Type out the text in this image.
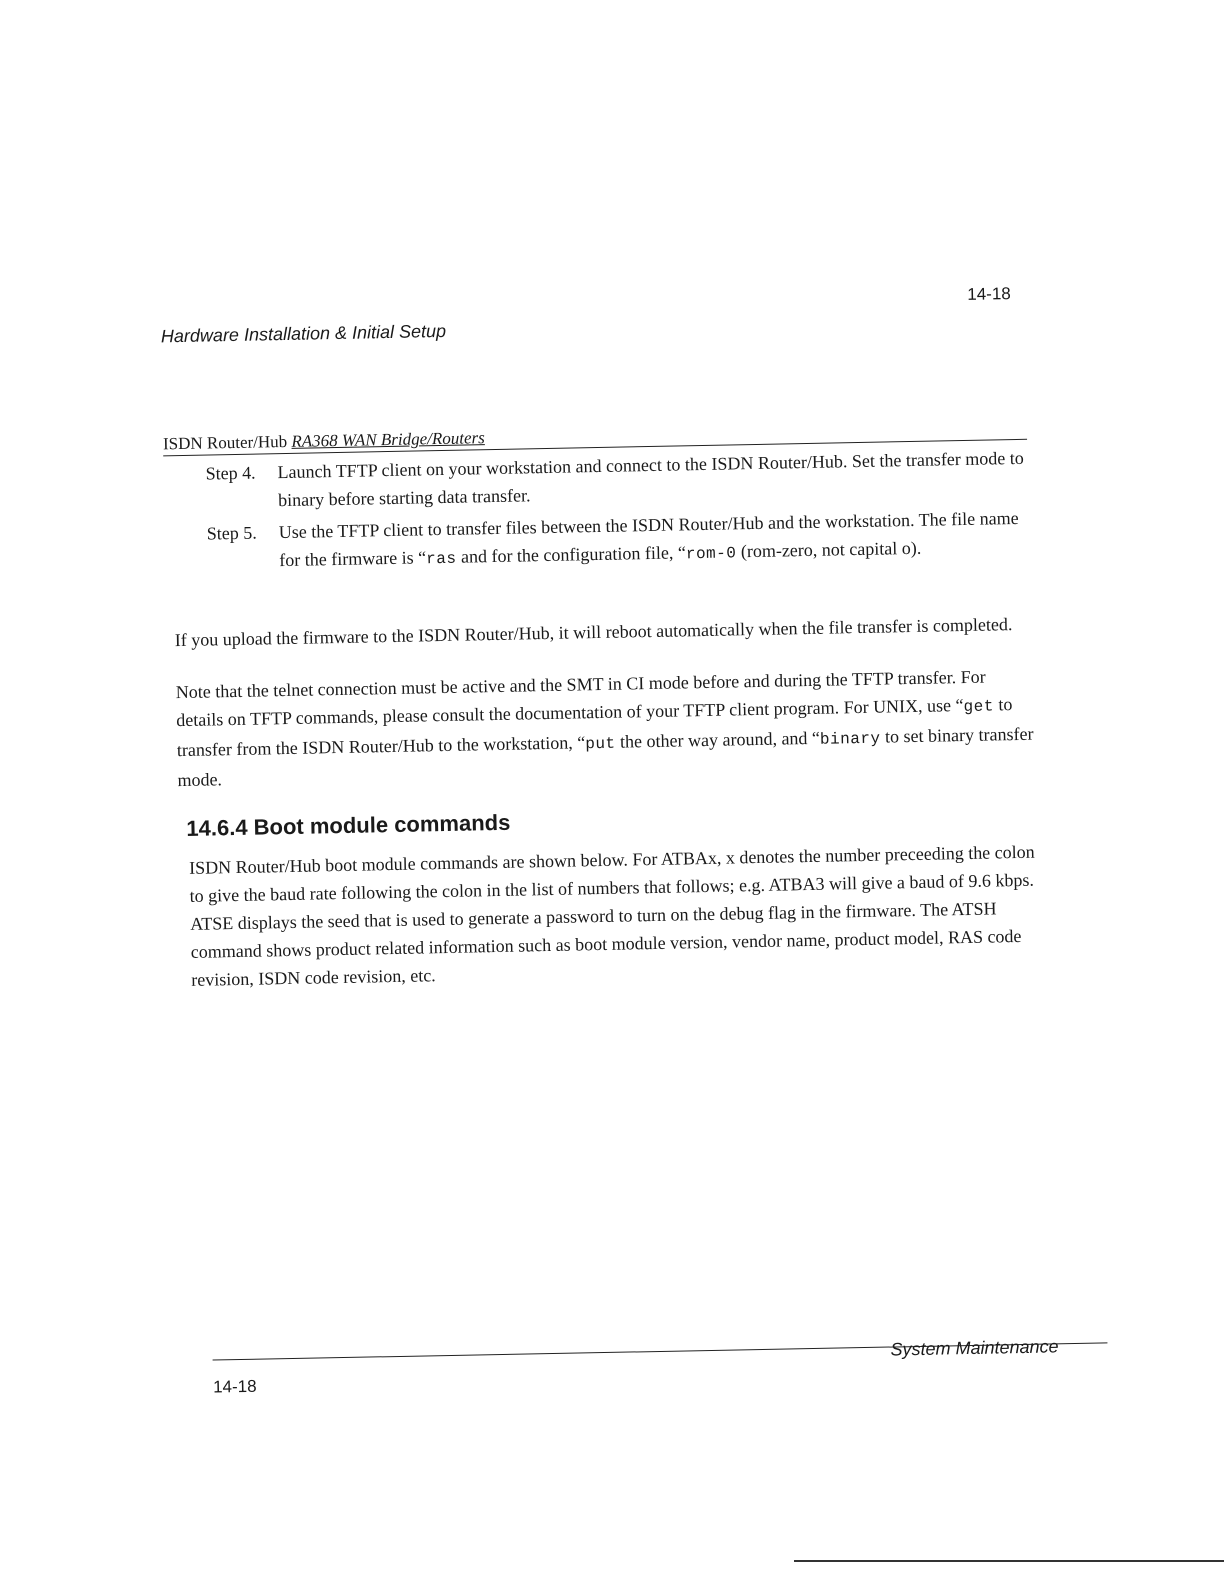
Hardware Installation & Initial Setup
14-18
ISDN Router/Hub RA368 WAN Bridge/Routers
Step 4.	Launch TFTP client on your workstation and connect to the ISDN Router/Hub. Set the transfer mode to binary before starting data transfer.
Step 5.	Use the TFTP client to transfer files between the ISDN Router/Hub and the workstation. The file name for the firmware is “ras and for the configuration file, “rom-0 (rom-zero, not capital o).
If you upload the firmware to the ISDN Router/Hub, it will reboot automatically when the file transfer is completed.
Note that the telnet connection must be active and the SMT in CI mode before and during the TFTP transfer. For details on TFTP commands, please consult the documentation of your TFTP client program. For UNIX, use “get to transfer from the ISDN Router/Hub to the workstation, “put the other way around, and “binary to set binary transfer mode.
14.6.4 Boot module commands
ISDN Router/Hub boot module commands are shown below. For ATBAx, x denotes the number preceeding the colon to give the baud rate following the colon in the list of numbers that follows; e.g. ATBA3 will give a baud of 9.6 kbps. ATSE displays the seed that is used to generate a password to turn on the debug flag in the firmware. The ATSH command shows product related information such as boot module version, vendor name, product model, RAS code revision, ISDN code revision, etc.
14-18
System Maintenance
